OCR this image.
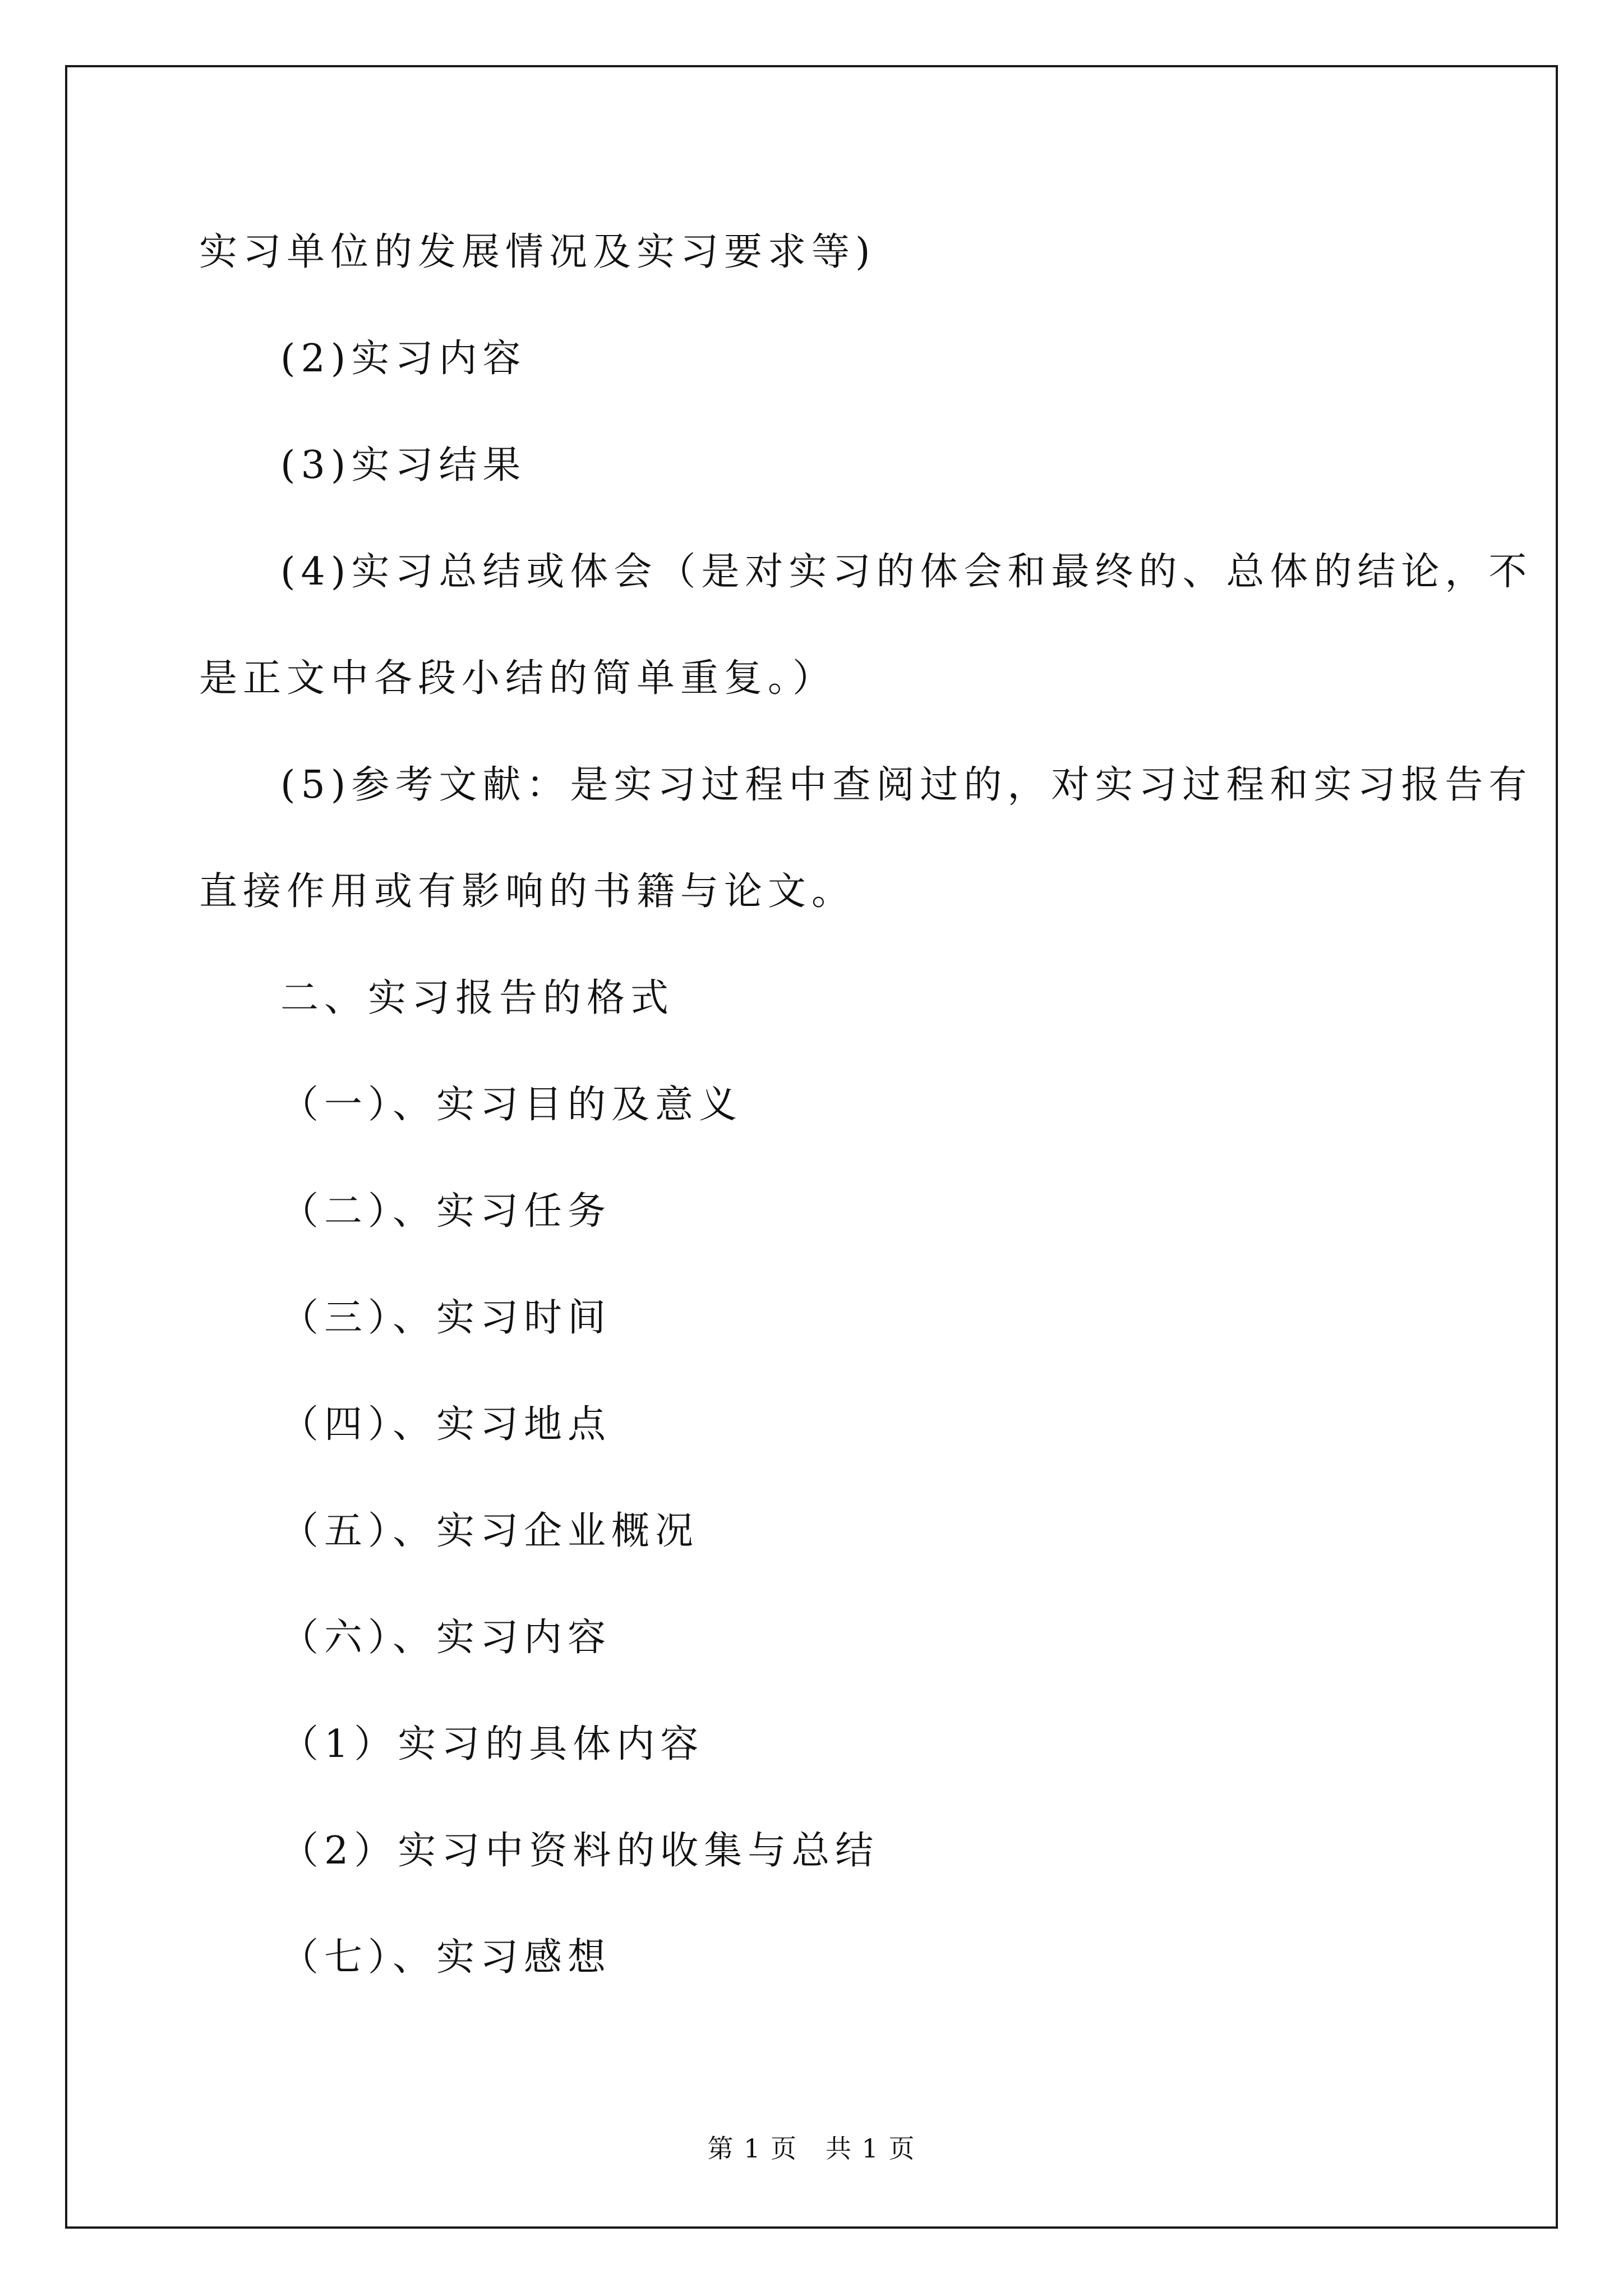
实习单位的发展情况及实习要求等)
(2)实习内容
(3)实习结果
(4)实习总结或体会（是对实习的体会和最终的、总体的结论，不
是正文中各段小结的简单重复。）
(5)参考文献：是实习过程中查阅过的，对实习过程和实习报告有
直接作用或有影响的书籍与论文。
二、实习报告的格式
（一）、实习目的及意义
（二）、实习任务
（三）、实习时间
（四）、实习地点
（五）、实习企业概况
（六）、实习内容
（1）实习的具体内容
（2）实习中资料的收集与总结
（七）、实习感想
第 1 页 共 1 页
